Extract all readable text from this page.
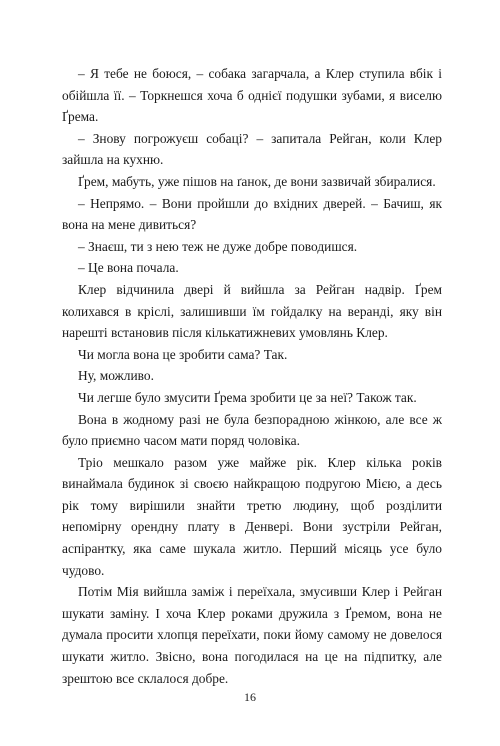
– Я тебе не боюся, – собака загарчала, а Клер ступила вбік і обійшла її. – Торкнешся хоча б однієї подушки зубами, я виселю Ґрема.

– Знову погрожуєш собаці? – запитала Рейган, коли Клер зайшла на кухню.

Ґрем, мабуть, уже пішов на ґанок, де вони зазвичай збиралися.

– Непрямо. – Вони пройшли до вхідних дверей. – Бачиш, як вона на мене дивиться?

– Знаєш, ти з нею теж не дуже добре поводишся.

– Це вона почала.

Клер відчинила двері й вийшла за Рейган надвір. Ґрем колихався в кріслі, залишивши їм гойдалку на веранді, яку він нарешті встановив після кількатижневих умовлянь Клер.

Чи могла вона це зробити сама? Так.

Ну, можливо.

Чи легше було змусити Ґрема зробити це за неї? Також так.

Вона в жодному разі не була безпорадною жінкою, але все ж було приємно часом мати поряд чоловіка.

Тріо мешкало разом уже майже рік. Клер кілька років винаймала будинок зі своєю найкращою подругою Мією, а десь рік тому вирішили знайти третю людину, щоб розділити непомірну орендну плату в Денвері. Вони зустріли Рейган, аспірантку, яка саме шукала житло. Перший місяць усе було чудово.

Потім Мія вийшла заміж і переїхала, змусивши Клер і Рейган шукати заміну. І хоча Клер роками дружила з Ґремом, вона не думала просити хлопця переїхати, поки йому самому не довелося шукати житло. Звісно, вона погодилася на це на підпитку, але зрештою все склалося добре.

16
